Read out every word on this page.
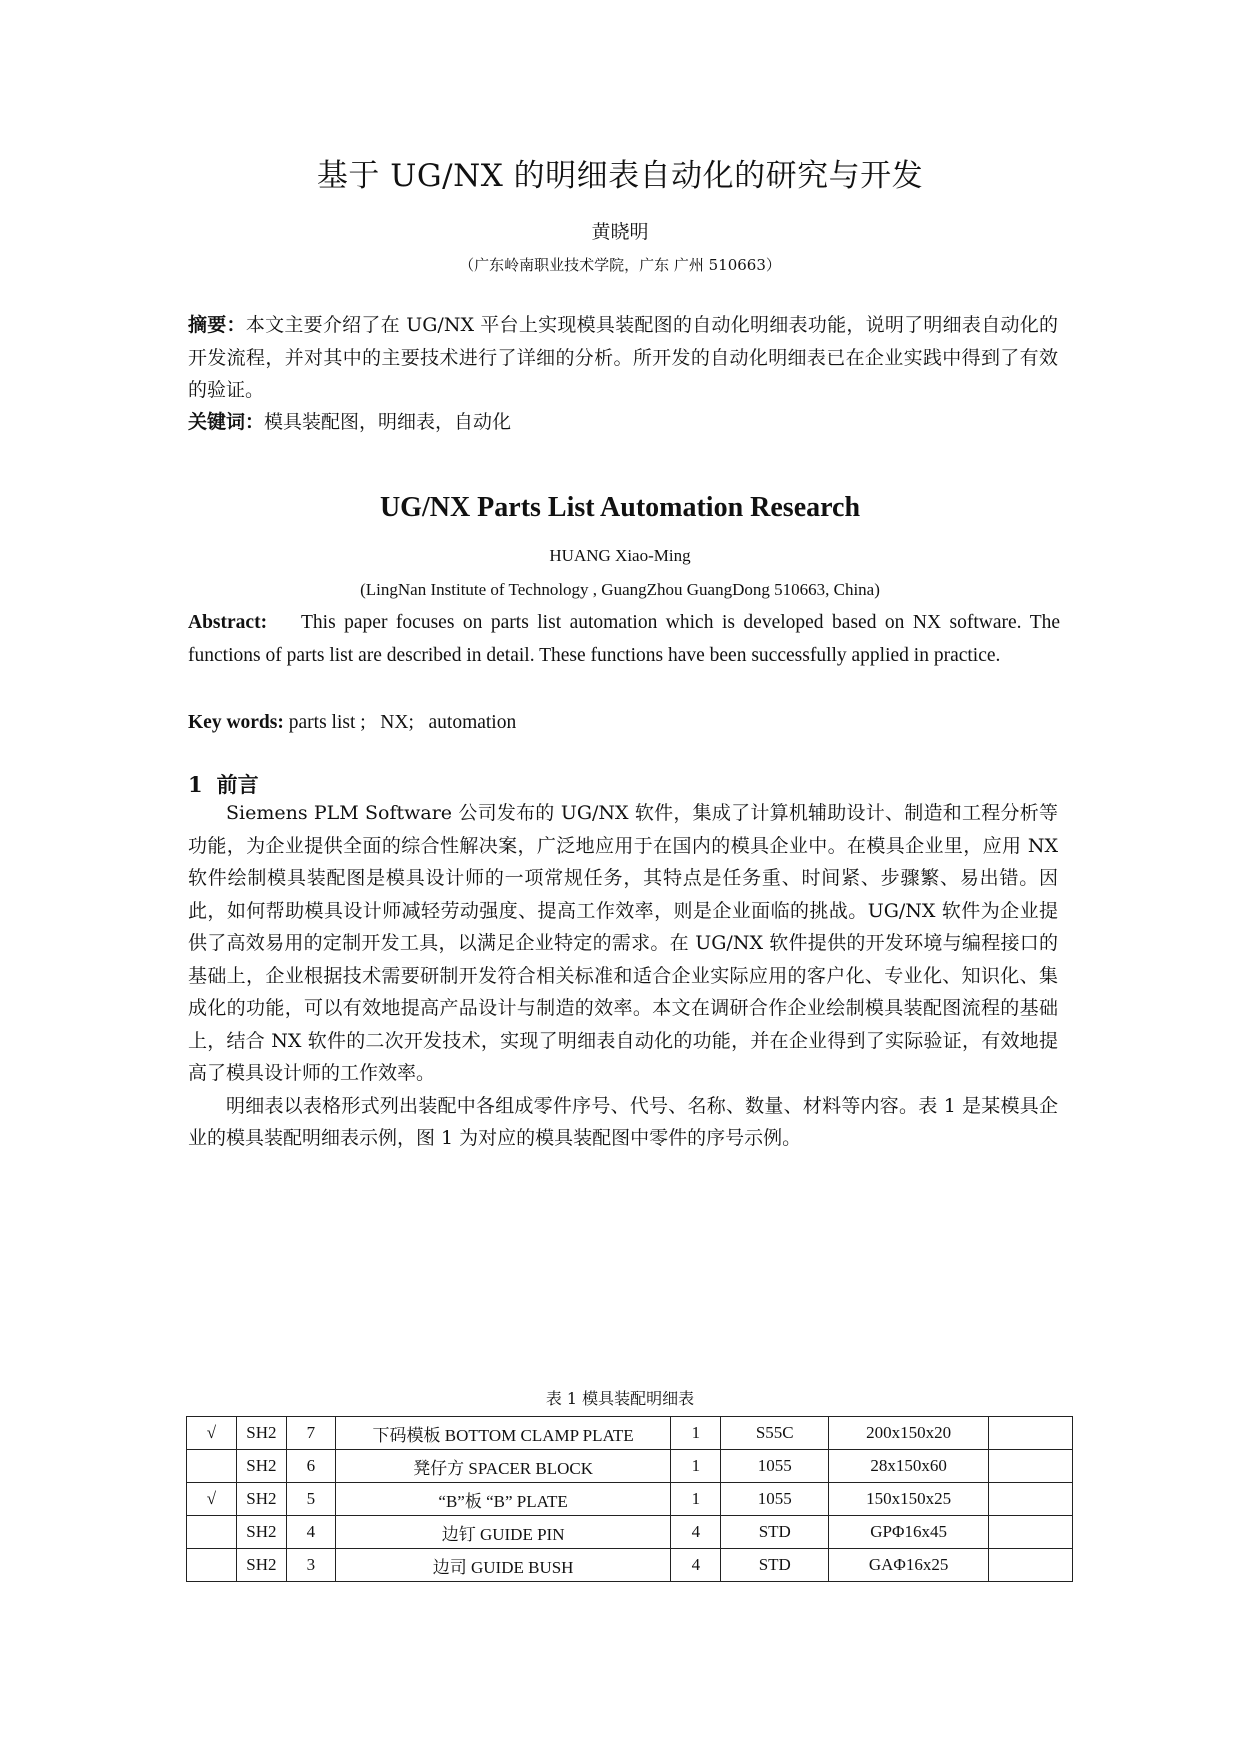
基于 UG/NX 的明细表自动化的研究与开发
黄晓明
（广东岭南职业技术学院，广东 广州 510663）
摘要：本文主要介绍了在 UG/NX 平台上实现模具装配图的自动化明细表功能，说明了明细表自动化的开发流程，并对其中的主要技术进行了详细的分析。所开发的自动化明细表已在企业实践中得到了有效的验证。
关键词：模具装配图，明细表，自动化
UG/NX Parts List Automation Research
HUANG Xiao-Ming
(LingNan Institute of Technology , GuangZhou GuangDong 510663, China)
Abstract: This paper focuses on parts list automation which is developed based on NX software. The functions of parts list are described in detail. These functions have been successfully applied in practice.
Key words: parts list ;   NX;   automation
1 前言

Siemens PLM Software 公司发布的 UG/NX 软件，集成了计算机辅助设计、制造和工程分析等功能，为企业提供全面的综合性解决案，广泛地应用于在国内的模具企业中。在模具企业里，应用 NX 软件绘制模具装配图是模具设计师的一项常规任务，其特点是任务重、时间紧、步骤繁、易出错。因此，如何帮助模具设计师减轻劳动强度、提高工作效率，则是企业面临的挑战。UG/NX 软件为企业提供了高效易用的定制开发工具，以满足企业特定的需求。在 UG/NX 软件提供的开发环境与编程接口的基础上，企业根据技术需要研制开发符合相关标准和适合企业实际应用的客户化、专业化、知识化、集成化的功能，可以有效地提高产品设计与制造的效率。本文在调研合作企业绘制模具装配图流程的基础上，结合 NX 软件的二次开发技术，实现了明细表自动化的功能，并在企业得到了实际验证，有效地提高了模具设计师的工作效率。

明细表以表格形式列出装配中各组成零件序号、代号、名称、数量、材料等内容。表 1 是某模具企业的模具装配明细表示例，图 1 为对应的模具装配图中零件的序号示例。

表 1 模具装配明细表
√	SH2	7	下码模板 BOTTOM CLAMP PLATE	1	S55C	200x150x20	
	SH2	6	凳仔方 SPACER BLOCK	1	1055	28x150x60	
√	SH2	5	“B”板 “B” PLATE	1	1055	150x150x25	
	SH2	4	边钉 GUIDE PIN	4	STD	GPΦ16x45	
	SH2	3	边司 GUIDE BUSH	4	STD	GAΦ16x25	
